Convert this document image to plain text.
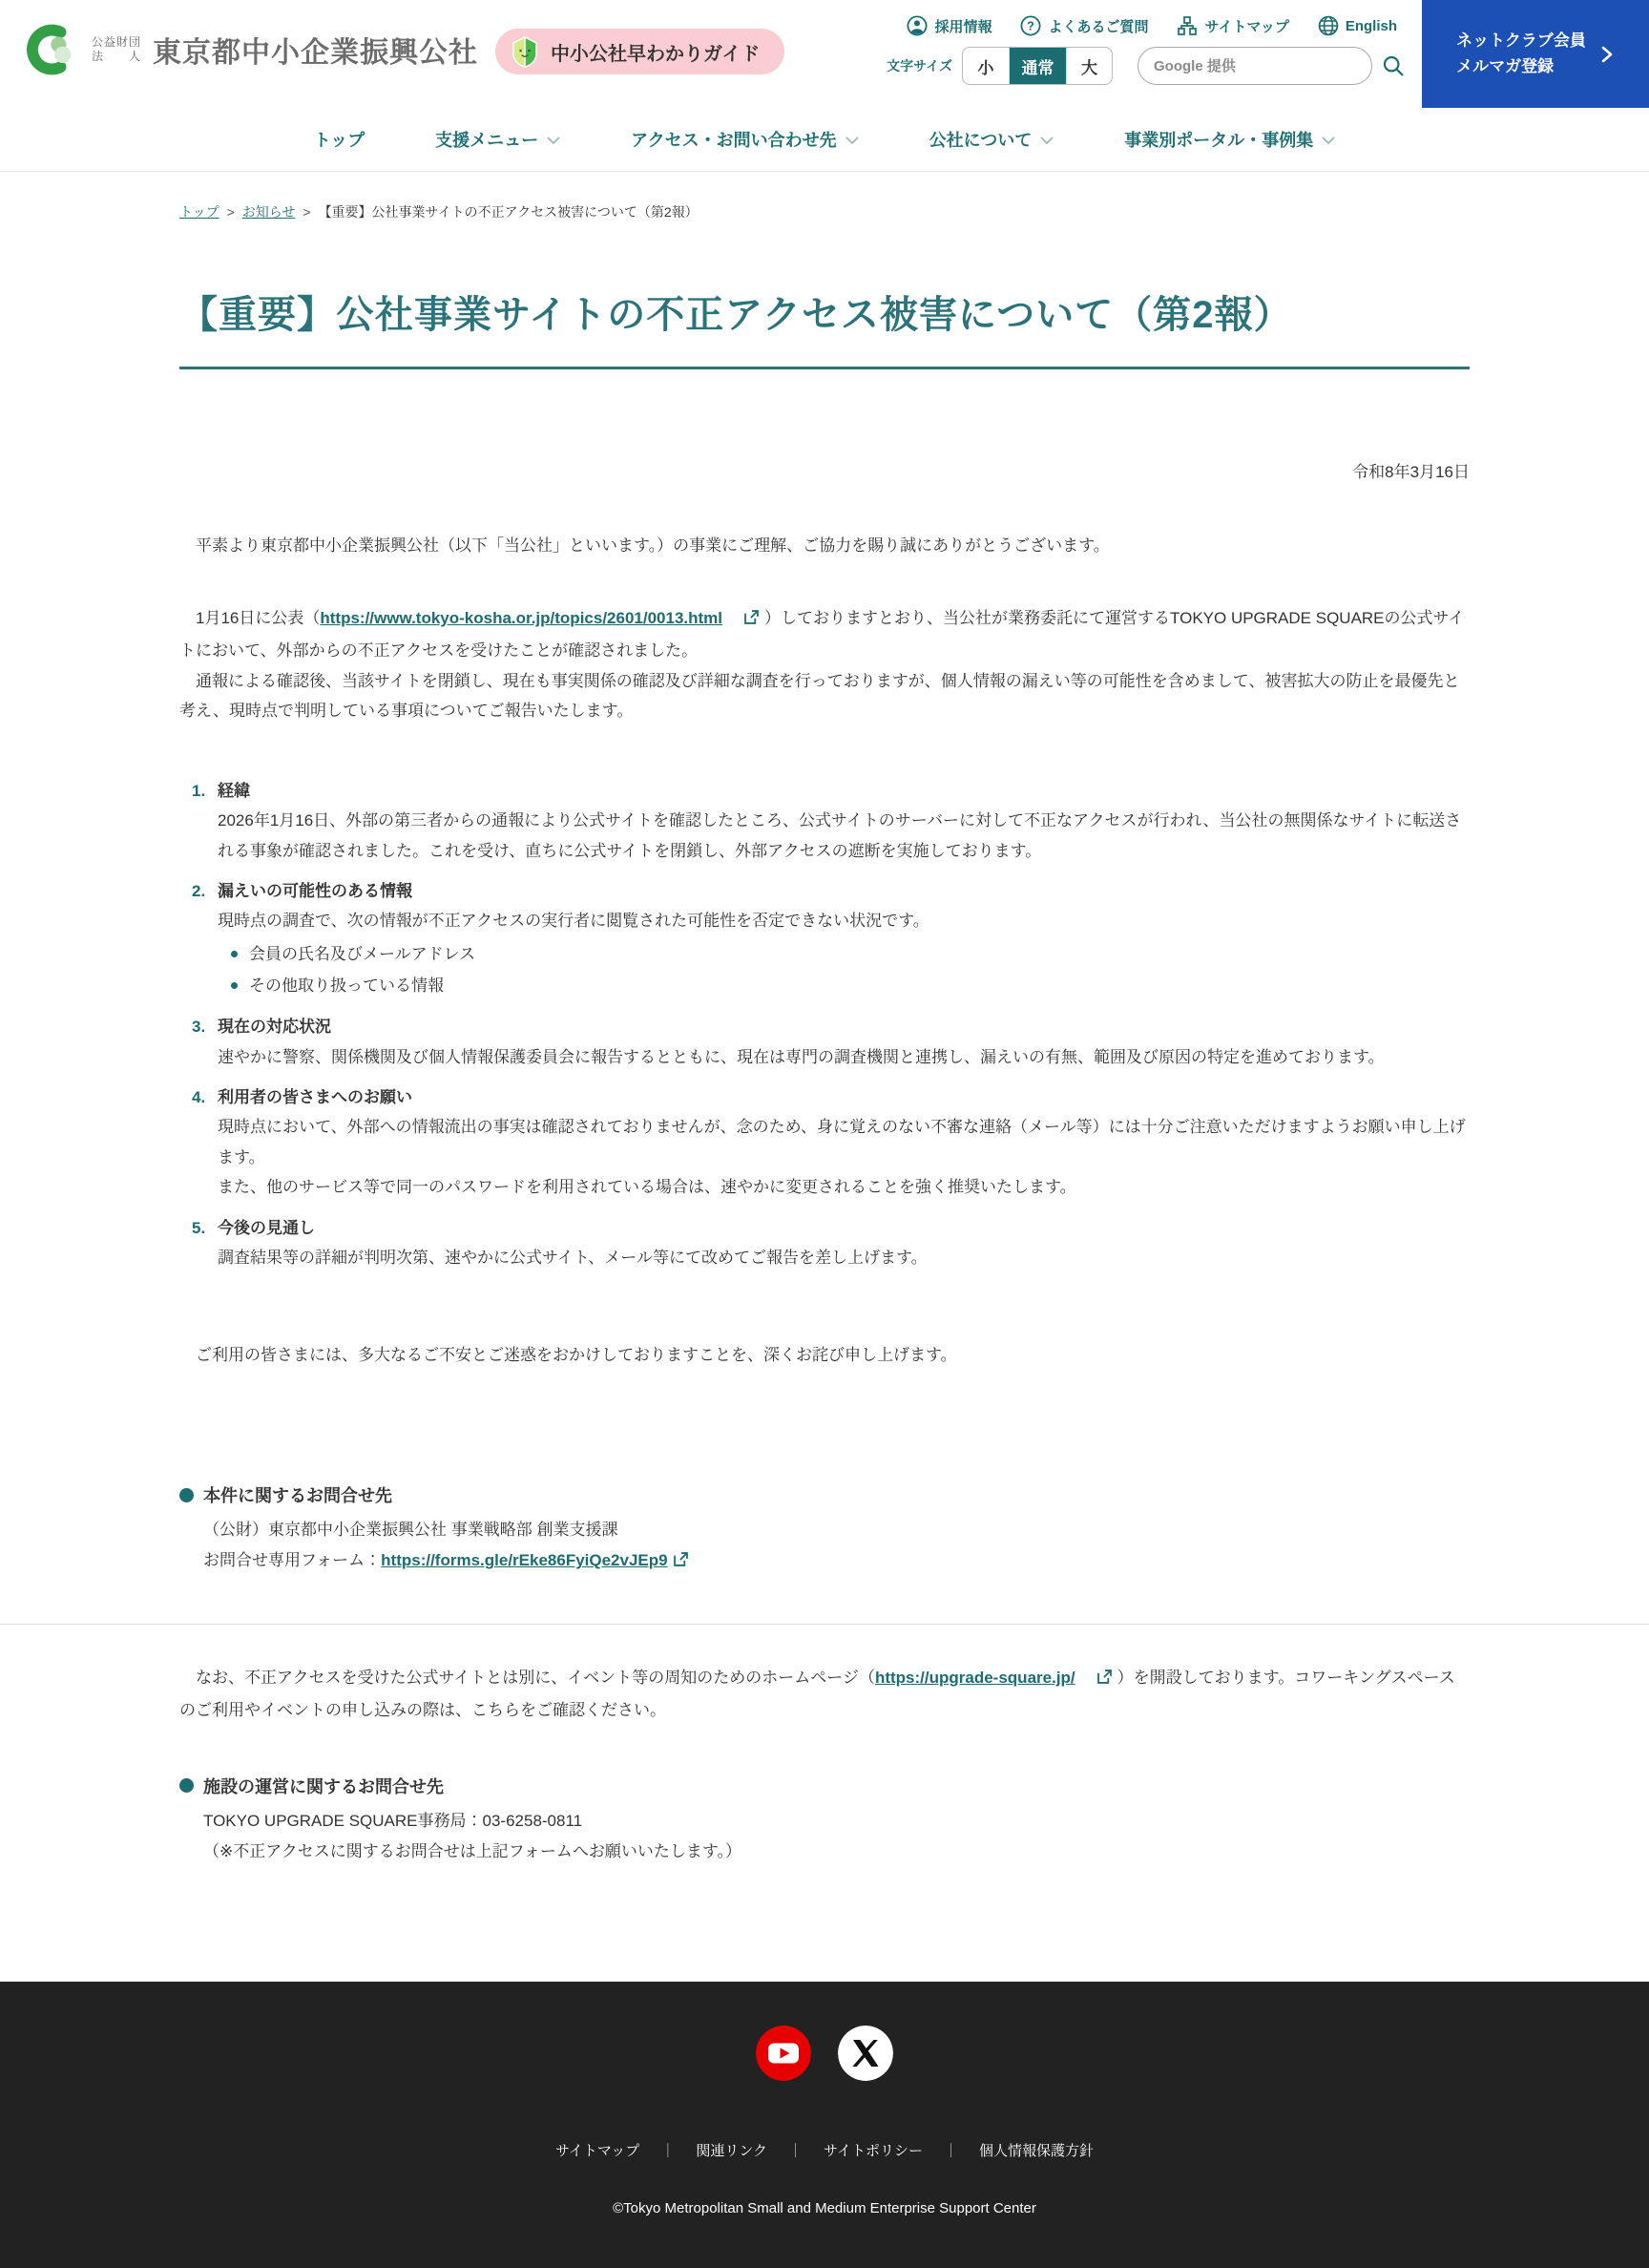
公益財団
法 人 東京都中小企業振興公社	中小公社早わかりガイド
採用情報	? よくあるご質問	サイトマップ	English
文字サイズ	小	通常	大
Google 提供
ネットクラブ会員
メルマガ登録
トップ	支援メニュー	アクセス・お問い合わせ先	公社について	事業別ポータル・事例集
トップ > お知らせ > 【重要】公社事業サイトの不正アクセス被害について（第2報）
【重要】公社事業サイトの不正アクセス被害について（第2報）

令和8年3月16日

平素より東京都中小企業振興公社（以下「当公社」といいます。）の事業にご理解、ご協力を賜り誠にありがとうございます。

1月16日に公表（https://www.tokyo-kosha.or.jp/topics/2601/0013.html	）しておりますとおり、当公社が業務委託にて運営するTOKYO UPGRADE SQUAREの公式サイトにおいて、外部からの不正アクセスを受けたことが確認されました。

通報による確認後、当該サイトを閉鎖し、現在も事実関係の確認及び詳細な調査を行っておりますが、個人情報の漏えい等の可能性を含めまして、被害拡大の防止を最優先と考え、現時点で判明している事項についてご報告いたします。

1. 経緯

2026年1月16日、外部の第三者からの通報により公式サイトを確認したところ、公式サイトのサーバーに対して不正なアクセスが行われ、当公社の無関係なサイトに転送される事象が確認されました。これを受け、直ちに公式サイトを閉鎖し、外部アクセスの遮断を実施しております。

2. 漏えいの可能性のある情報

現時点の調査で、次の情報が不正アクセスの実行者に閲覧された可能性を否定できない状況です。

会員の氏名及びメールアドレス
その他取り扱っている情報
3. 現在の対応状況

速やかに警察、関係機関及び個人情報保護委員会に報告するとともに、現在は専門の調査機関と連携し、漏えいの有無、範囲及び原因の特定を進めております。

4. 利用者の皆さまへのお願い

現時点において、外部への情報流出の事実は確認されておりませんが、念のため、身に覚えのない不審な連絡（メール等）には十分ご注意いただけますようお願い申し上げます。

また、他のサービス等で同一のパスワードを利用されている場合は、速やかに変更されることを強く推奨いたします。

5. 今後の見通し

調査結果等の詳細が判明次第、速やかに公式サイト、メール等にて改めてご報告を差し上げます。

ご利用の皆さまには、多大なるご不安とご迷惑をおかけしておりますことを、深くお詫び申し上げます。

本件に関するお問合せ先
（公財）東京都中小企業振興公社 事業戦略部 創業支援課
お問合せ専用フォーム：https://forms.gle/rEke86FyiQe2vJEp9

なお、不正アクセスを受けた公式サイトとは別に、イベント等の周知のためのホームページ（https://upgrade-square.jp/	）を開設しております。コワーキングスペースのご利用やイベントの申し込みの際は、こちらをご確認ください。

施設の運営に関するお問合せ先
TOKYO UPGRADE SQUARE事務局：03-6258-0811
（※不正アクセスに関するお問合せは上記フォームへお願いいたします。）
サイトマップ ｜ 関連リンク ｜ サイトポリシー ｜ 個人情報保護方針
©Tokyo Metropolitan Small and Medium Enterprise Support Center
